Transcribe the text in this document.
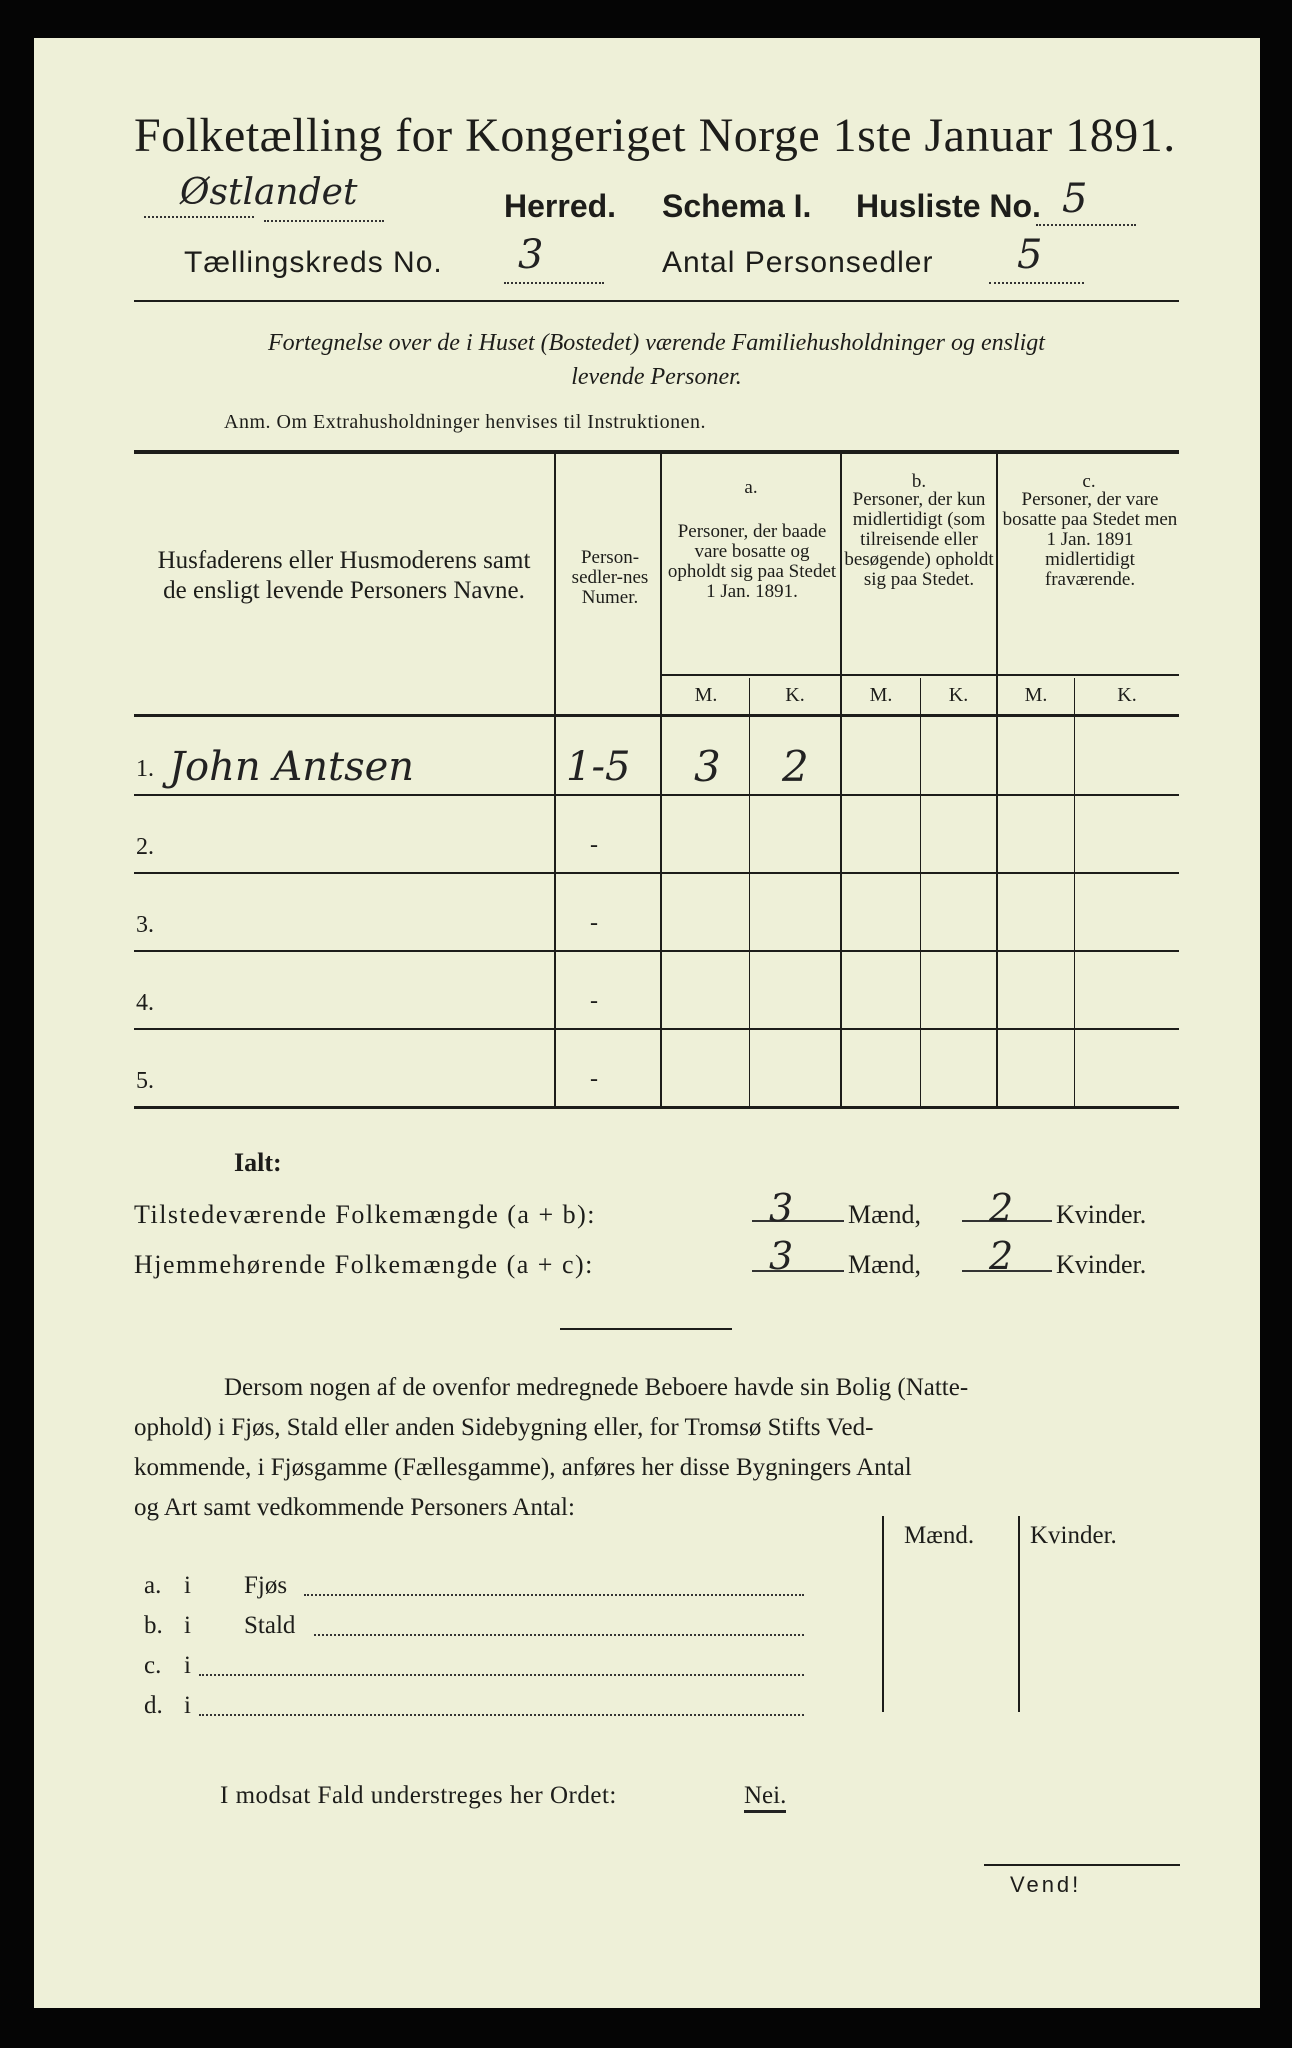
Folketælling for Kongeriget Norge 1ste Januar 1891.
Østlandet	Herred. Schema I. Husliste No. 5
Tællingskreds No. 3	Antal Personsedler 5
Fortegnelse over de i Huset (Bostedet) værende Familiehusholdninger og ensligt
levende Personer.
Anm. Om Extrahusholdninger henvises til Instruktionen.
Husfaderens eller Husmoderens samt de ensligt levende Personers Navne.
Person-sedler-nes Numer.
a.
Personer, der baade vare bosatte og opholdt sig paa Stedet 1 Jan. 1891.
b.
Personer, der kun midlertidigt (som tilreisende eller besøgende) opholdt sig paa Stedet.
c.
Personer, der vare bosatte paa Stedet men 1 Jan. 1891 midlertidigt fraværende.
M.	K.	M.	K.	M.	K.
1. John Antsen	1-5 3 2
2.	-
3.	-
4.	-
5.	-
Ialt:
Tilstedeværende Folkemængde (a + b):	3 Mænd, 2 Kvinder.
Hjemmehørende Folkemængde (a + c):	3 Mænd, 2 Kvinder.
Dersom nogen af de ovenfor medregnede Beboere havde sin Bolig (Natte-
ophold) i Fjøs, Stald eller anden Sidebygning eller, for Tromsø Stifts Ved-
kommende, i Fjøsgamme (Fællesgamme), anføres her disse Bygningers Antal
og Art samt vedkommende Personers Antal:
Mænd. Kvinder.
a. i Fjøs
b. i Stald
c. i
d. i
I modsat Fald understreges her Ordet:	Nei.
Vend!
